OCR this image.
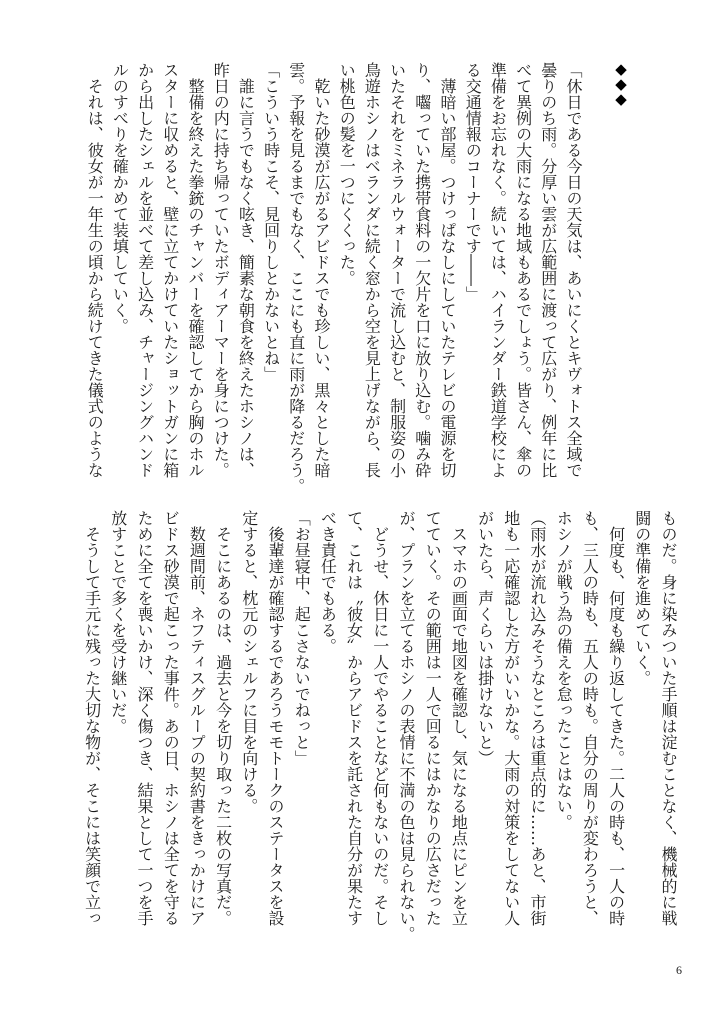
◆
◆
◆
「休日である今日の天気は、あいにくとキヴォトス全域で
曇りのち雨。分厚い雲が広範囲に渡って広がり、例年に比
べて異例の大雨になる地域もあるでしょう。皆さん、傘の
準備をお忘れなく。続いては、ハイランダー鉄道学校によ
る交通情報のコーナーです――」
　薄暗い部屋。つけっぱなしにしていたテレビの電源を切
り、囓っていた携帯食料の一欠片を口に放り込む。噛み砕
いたそれをミネラルウォーターで流し込むと、制服姿の小
鳥遊ホシノはベランダに続く窓から空を見上げながら、長
い桃色の髪を一つにくくった。
　乾いた砂漠が広がるアビドスでも珍しい、黒々とした暗
雲。予報を見るまでもなく、ここにも直に雨が降るだろう。
「こういう時こそ、見回りしとかないとね」
　誰に言うでもなく呟き、簡素な朝食を終えたホシノは、
昨日の内に持ち帰っていたボディアーマーを身につけた。
　整備を終えた拳銃のチャンバーを確認してから胸のホル
スターに収めると、壁に立てかけていたショットガンに箱
から出したシェルを並べて差し込み、チャージングハンド
ルのすべりを確かめて装填していく。
　それは、彼女が一年生の頃から続けてきた儀式のような
ものだ。身に染みついた手順は淀むことなく、機械的に戦
闘の準備を進めていく。
　何度も、何度も繰り返してきた。二人の時も、一人の時
も、三人の時も、五人の時も。自分の周りが変わろうと、
ホシノが戦う為の備えを怠ったことはない。
（雨水が流れ込みそうなところは重点的に……あと、市街
地も一応確認した方がいいかな。大雨の対策をしてない人
がいたら、声くらいは掛けないと）
　スマホの画面で地図を確認し、気になる地点にピンを立
てていく。その範囲は一人で回るにはかなりの広さだった
が、プランを立てるホシノの表情に不満の色は見られない。
　どうせ、休日に一人でやることなど何もないのだ。そし
て、これは〝彼女〟からアビドスを託された自分が果たす
べき責任でもある。
「お昼寝中、起こさないでねっと」
　後輩達が確認するであろうモモトークのステータスを設
定すると、枕元のシェルフに目を向ける。
　そこにあるのは、過去と今を切り取った二枚の写真だ。
　数週間前、ネフティスグループの契約書をきっかけにア
ビドス砂漠で起こった事件。あの日、ホシノは全てを守る
ために全てを喪いかけ、深く傷つき、結果として一つを手
放すことで多くを受け継いだ。
　そうして手元に残った大切な物が、そこには笑顔で立っ
6
